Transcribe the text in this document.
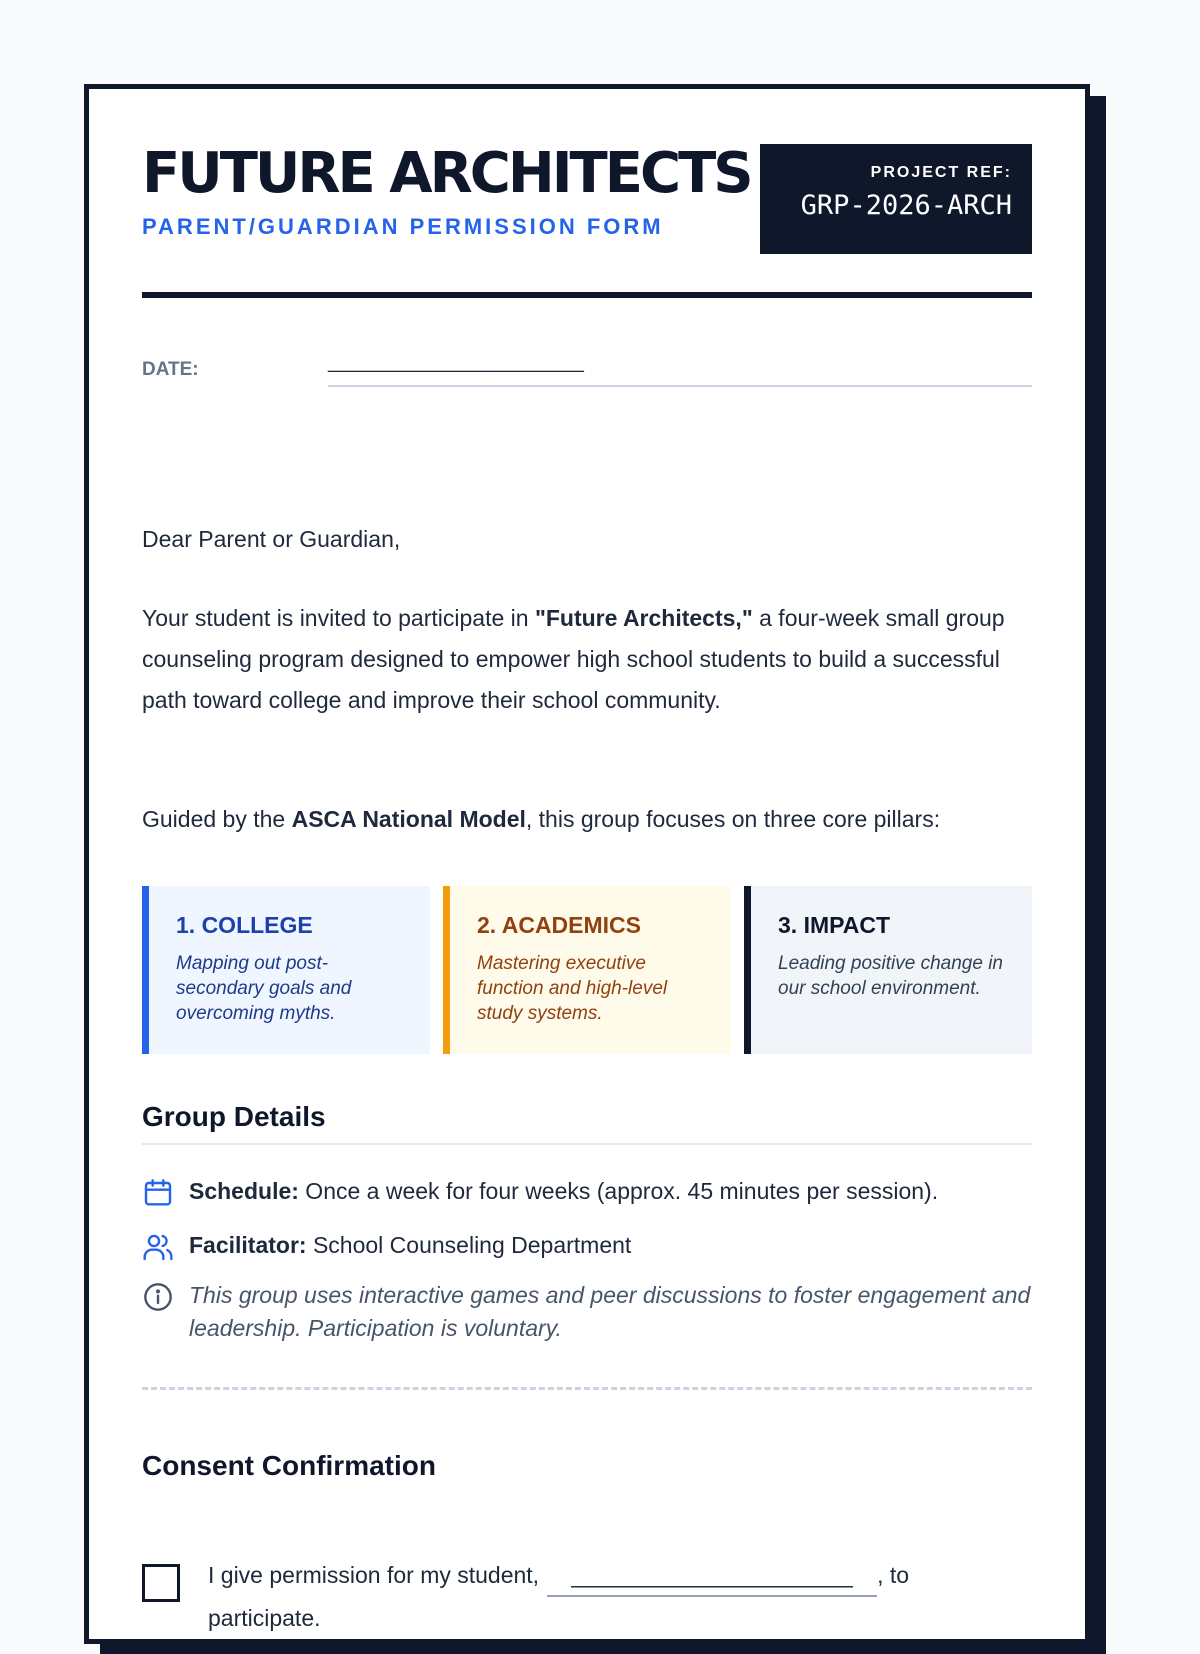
FUTURE ARCHITECTS
PARENT/GUARDIAN PERMISSION FORM
PROJECT REF:
GRP-2026-ARCH
DATE:	_______________________
Dear Parent or Guardian,
Your student is invited to participate in "Future Architects," a four-week small group counseling program designed to empower high school students to build a successful path toward college and improve their school community.
Guided by the ASCA National Model, this group focuses on three core pillars:
1. COLLEGE
Mapping out post-secondary goals and overcoming myths.
2. ACADEMICS
Mastering executive function and high-level study systems.
3. IMPACT
Leading positive change in our school environment.
Group Details
Schedule: Once a week for four weeks (approx. 45 minutes per session).
Facilitator: School Counseling Department
This group uses interactive games and peer discussions to foster engagement and leadership. Participation is voluntary.
Consent Confirmation
I give permission for my student, ______________________ , to participate.
